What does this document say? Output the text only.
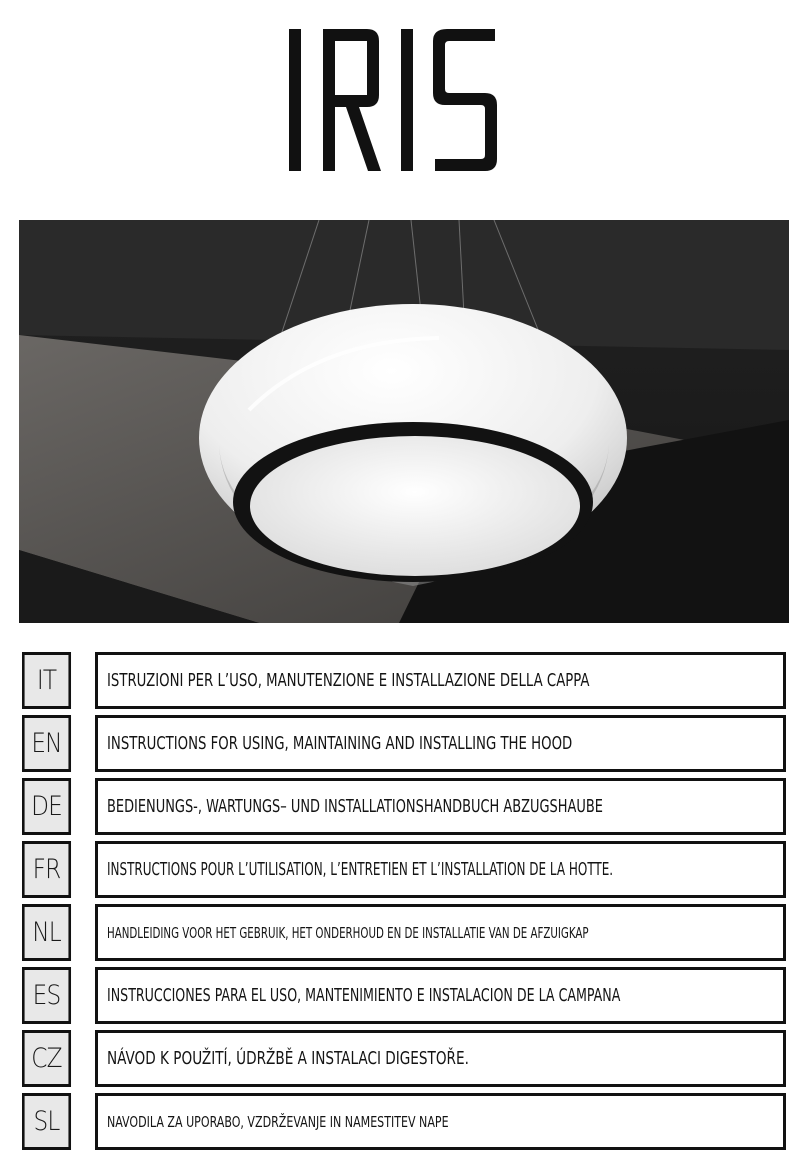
IT	ISTRUZIONI PER L’USO, MANUTENZIONE E INSTALLAZIONE DELLA CAPPA
EN	INSTRUCTIONS FOR USING, MAINTAINING AND INSTALLING THE HOOD
DE	BEDIENUNGS-, WARTUNGS– UND INSTALLATIONSHANDBUCH ABZUGSHAUBE
FR	INSTRUCTIONS POUR L’UTILISATION, L’ENTRETIEN ET L’INSTALLATION DE LA HOTTE.
NL	HANDLEIDING VOOR HET GEBRUIK, HET ONDERHOUD EN DE INSTALLATIE VAN DE AFZUIGKAP
ES	INSTRUCCIONES PARA EL USO, MANTENIMIENTO E INSTALACION DE LA CAMPANA
CZ	NÁVOD K POUŽITÍ, ÚDRŽBĚ A INSTALACI DIGESTOŘE.
SL	NAVODILA ZA UPORABO, VZDRŽEVANJE IN NAMESTITEV NAPE
